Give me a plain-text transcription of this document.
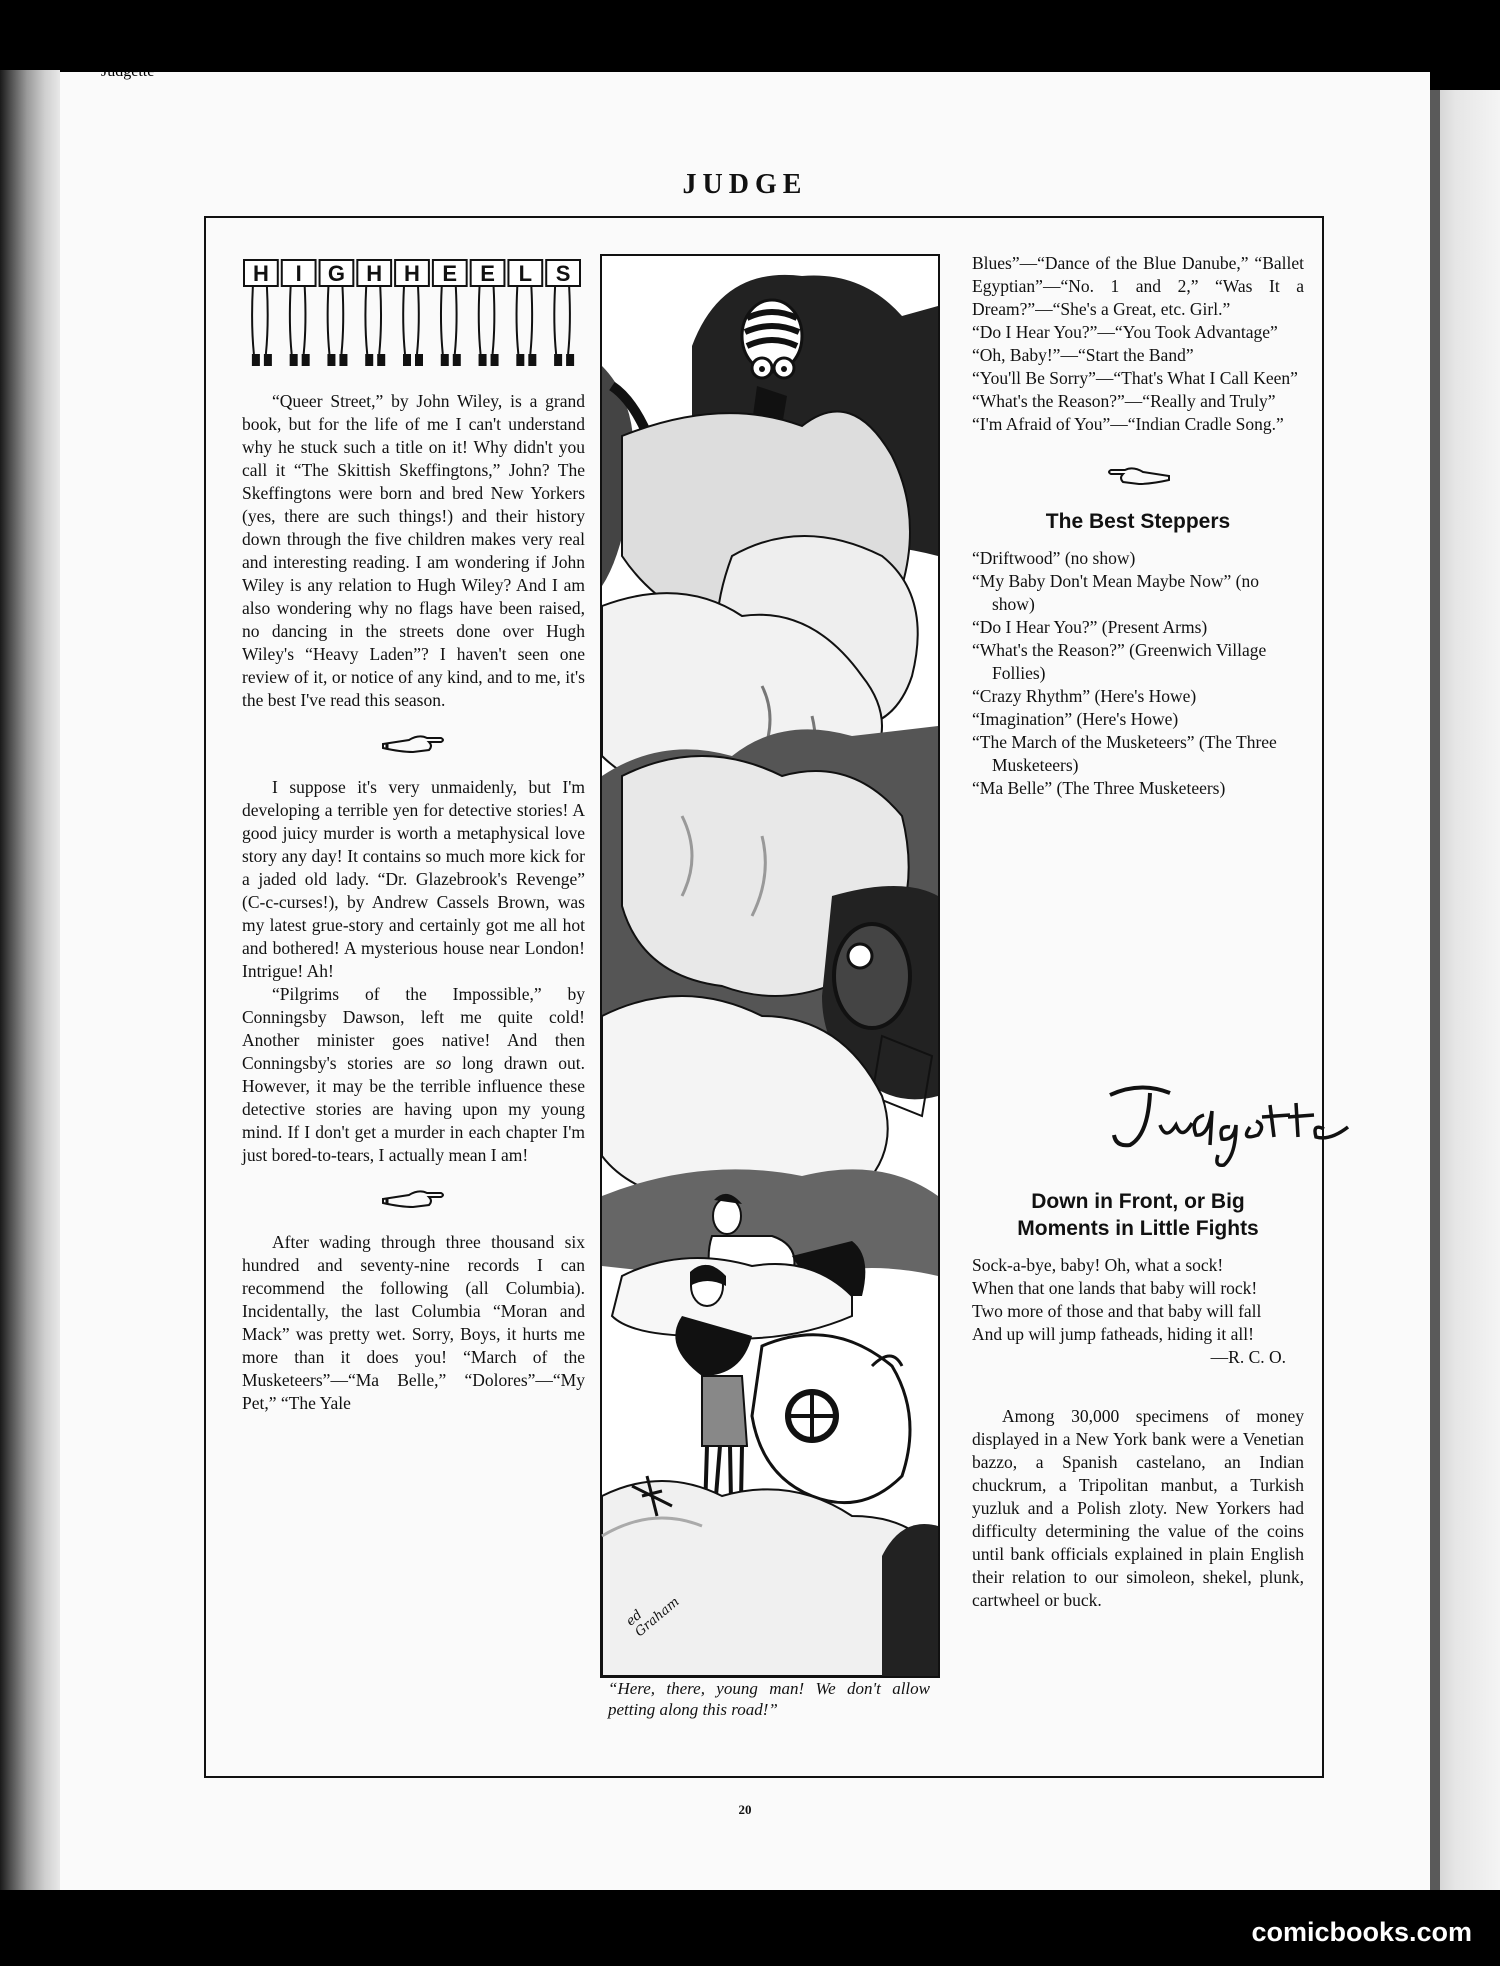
JUDGE
H I G H H E E L S

“Queer Street,” by John Wiley, is a grand book, but for the life of me I can't understand why he stuck such a title on it! Why didn't you call it “The Skittish Skeffingtons,” John? The Skeffingtons were born and bred New Yorkers (yes, there are such things!) and their history down through the five children makes very real and interesting reading. I am wondering if John Wiley is any relation to Hugh Wiley? And I am also wondering why no flags have been raised, no dancing in the streets done over Hugh Wiley's “Heavy Laden”? I haven't seen one review of it, or notice of any kind, and to me, it's the best I've read this season.

I suppose it's very unmaidenly, but I'm developing a terrible yen for detective stories! A good juicy murder is worth a metaphysical love story any day! It contains so much more kick for a jaded old lady. “Dr. Glazebrook's Revenge” (C-c-curses!), by Andrew Cassels Brown, was my latest grue-story and certainly got me all hot and bothered! A mysterious house near London! Intrigue! Ah!

“Pilgrims of the Impossible,” by Conningsby Dawson, left me quite cold! Another minister goes native! And then Conningsby's stories are so long drawn out. However, it may be the terrible influence these detective stories are having upon my young mind. If I don't get a murder in each chapter I'm just bored-to-tears, I actually mean I am!

After wading through three thousand six hundred and seventy-nine records I can recommend the following (all Columbia). Incidentally, the last Columbia “Moran and Mack” was pretty wet. Sorry, Boys, it hurts me more than it does you! “March of the Musketeers”—“Ma Belle,” “Dolores”—“My Pet,” “The Yale

ed Graham
“Here, there, young man! We don't allow petting along this road!”
Blues”—“Dance of the Blue Danube,” “Ballet Egyptian”—“No. 1 and 2,” “Was It a Dream?”—“She's a Great, etc. Girl.”
“Do I Hear You?”—“You Took Advantage”
“Oh, Baby!”—“Start the Band”
“You'll Be Sorry”—“That's What I Call Keen”
“What's the Reason?”—“Really and Truly”
“I'm Afraid of You”—“Indian Cradle Song.”
The Best Steppers
“Driftwood” (no show)
“My Baby Don't Mean Maybe Now” (no show)
“Do I Hear You?” (Present Arms)
“What's the Reason?” (Greenwich Village Follies)
“Crazy Rhythm” (Here's Howe)
“Imagination” (Here's Howe)
“The March of the Musketeers” (The Three Musketeers)
“Ma Belle” (The Three Musketeers)
Judgette
Down in Front, or Big
Moments in Little Fights
Sock-a-bye, baby! Oh, what a sock!
When that one lands that baby will rock!
Two more of those and that baby will fall
And up will jump fatheads, hiding it all!
—R. C. O.

Among 30,000 specimens of money displayed in a New York bank were a Venetian bazzo, a Spanish castelano, an Indian chuckrum, a Tripolitan manbut, a Turkish yuzluk and a Polish zloty. New Yorkers had difficulty determining the value of the coins until bank officials explained in plain English their relation to our simoleon, shekel, plunk, cartwheel or buck.

20
comicbooks.com
